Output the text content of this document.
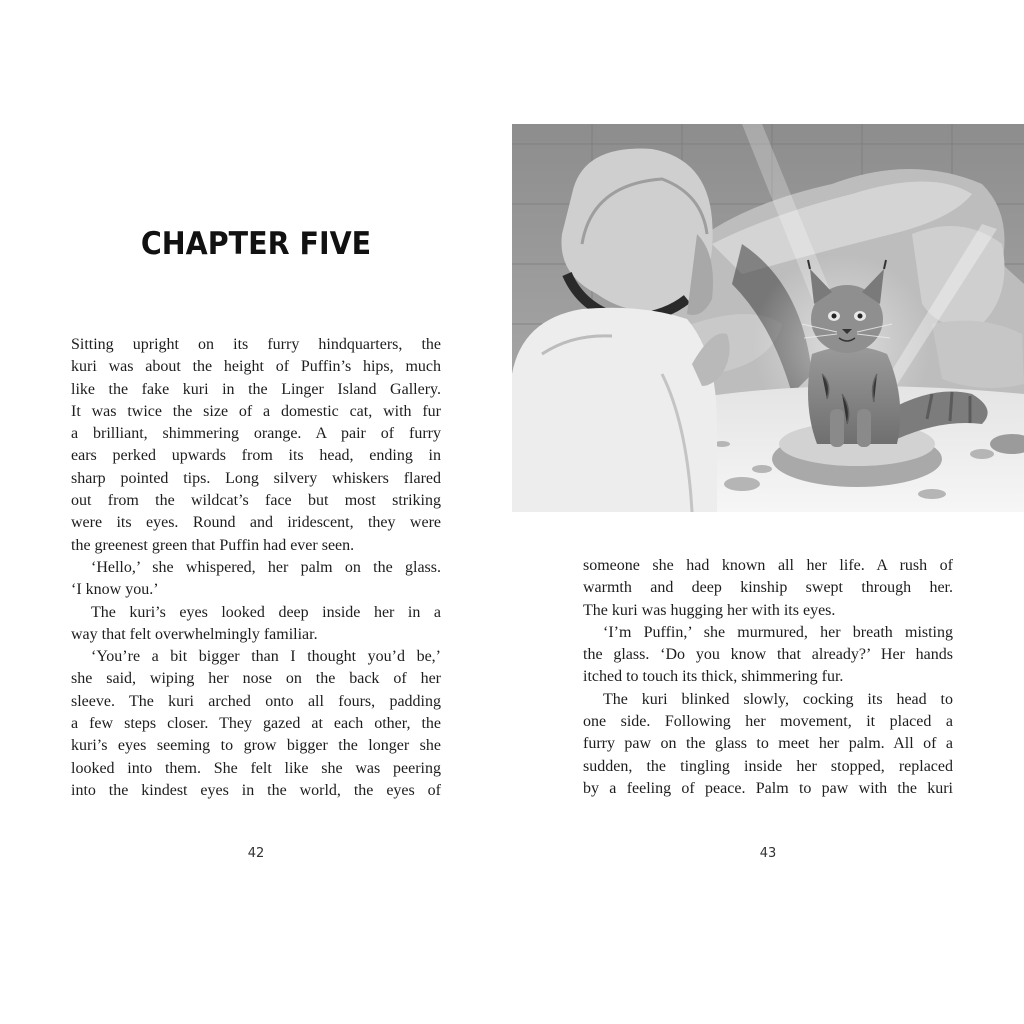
CHAPTER FIVE
Sitting upright on its furry hindquarters, the
kuri was about the height of Puffin’s hips, much
like the fake kuri in the Linger Island Gallery.
It was twice the size of a domestic cat, with fur
a brilliant, shimmering orange. A pair of furry
ears perked upwards from its head, ending in
sharp pointed tips. Long silvery whiskers flared
out from the wildcat’s face but most striking
were its eyes. Round and iridescent, they were
the greenest green that Puffin had ever seen.
‘Hello,’ she whispered, her palm on the glass.
‘I know you.’
The kuri’s eyes looked deep inside her in a
way that felt overwhelmingly familiar.
‘You’re a bit bigger than I thought you’d be,’
she said, wiping her nose on the back of her
sleeve. The kuri arched onto all fours, padding
a few steps closer. They gazed at each other, the
kuri’s eyes seeming to grow bigger the longer she
looked into them. She felt like she was peering
into the kindest eyes in the world, the eyes of
42
someone she had known all her life. A rush of
warmth and deep kinship swept through her.
The kuri was hugging her with its eyes.
‘I’m Puffin,’ she murmured, her breath misting
the glass. ‘Do you know that already?’ Her hands
itched to touch its thick, shimmering fur.
The kuri blinked slowly, cocking its head to
one side. Following her movement, it placed a
furry paw on the glass to meet her palm. All of a
sudden, the tingling inside her stopped, replaced
by a feeling of peace. Palm to paw with the kuri
43
